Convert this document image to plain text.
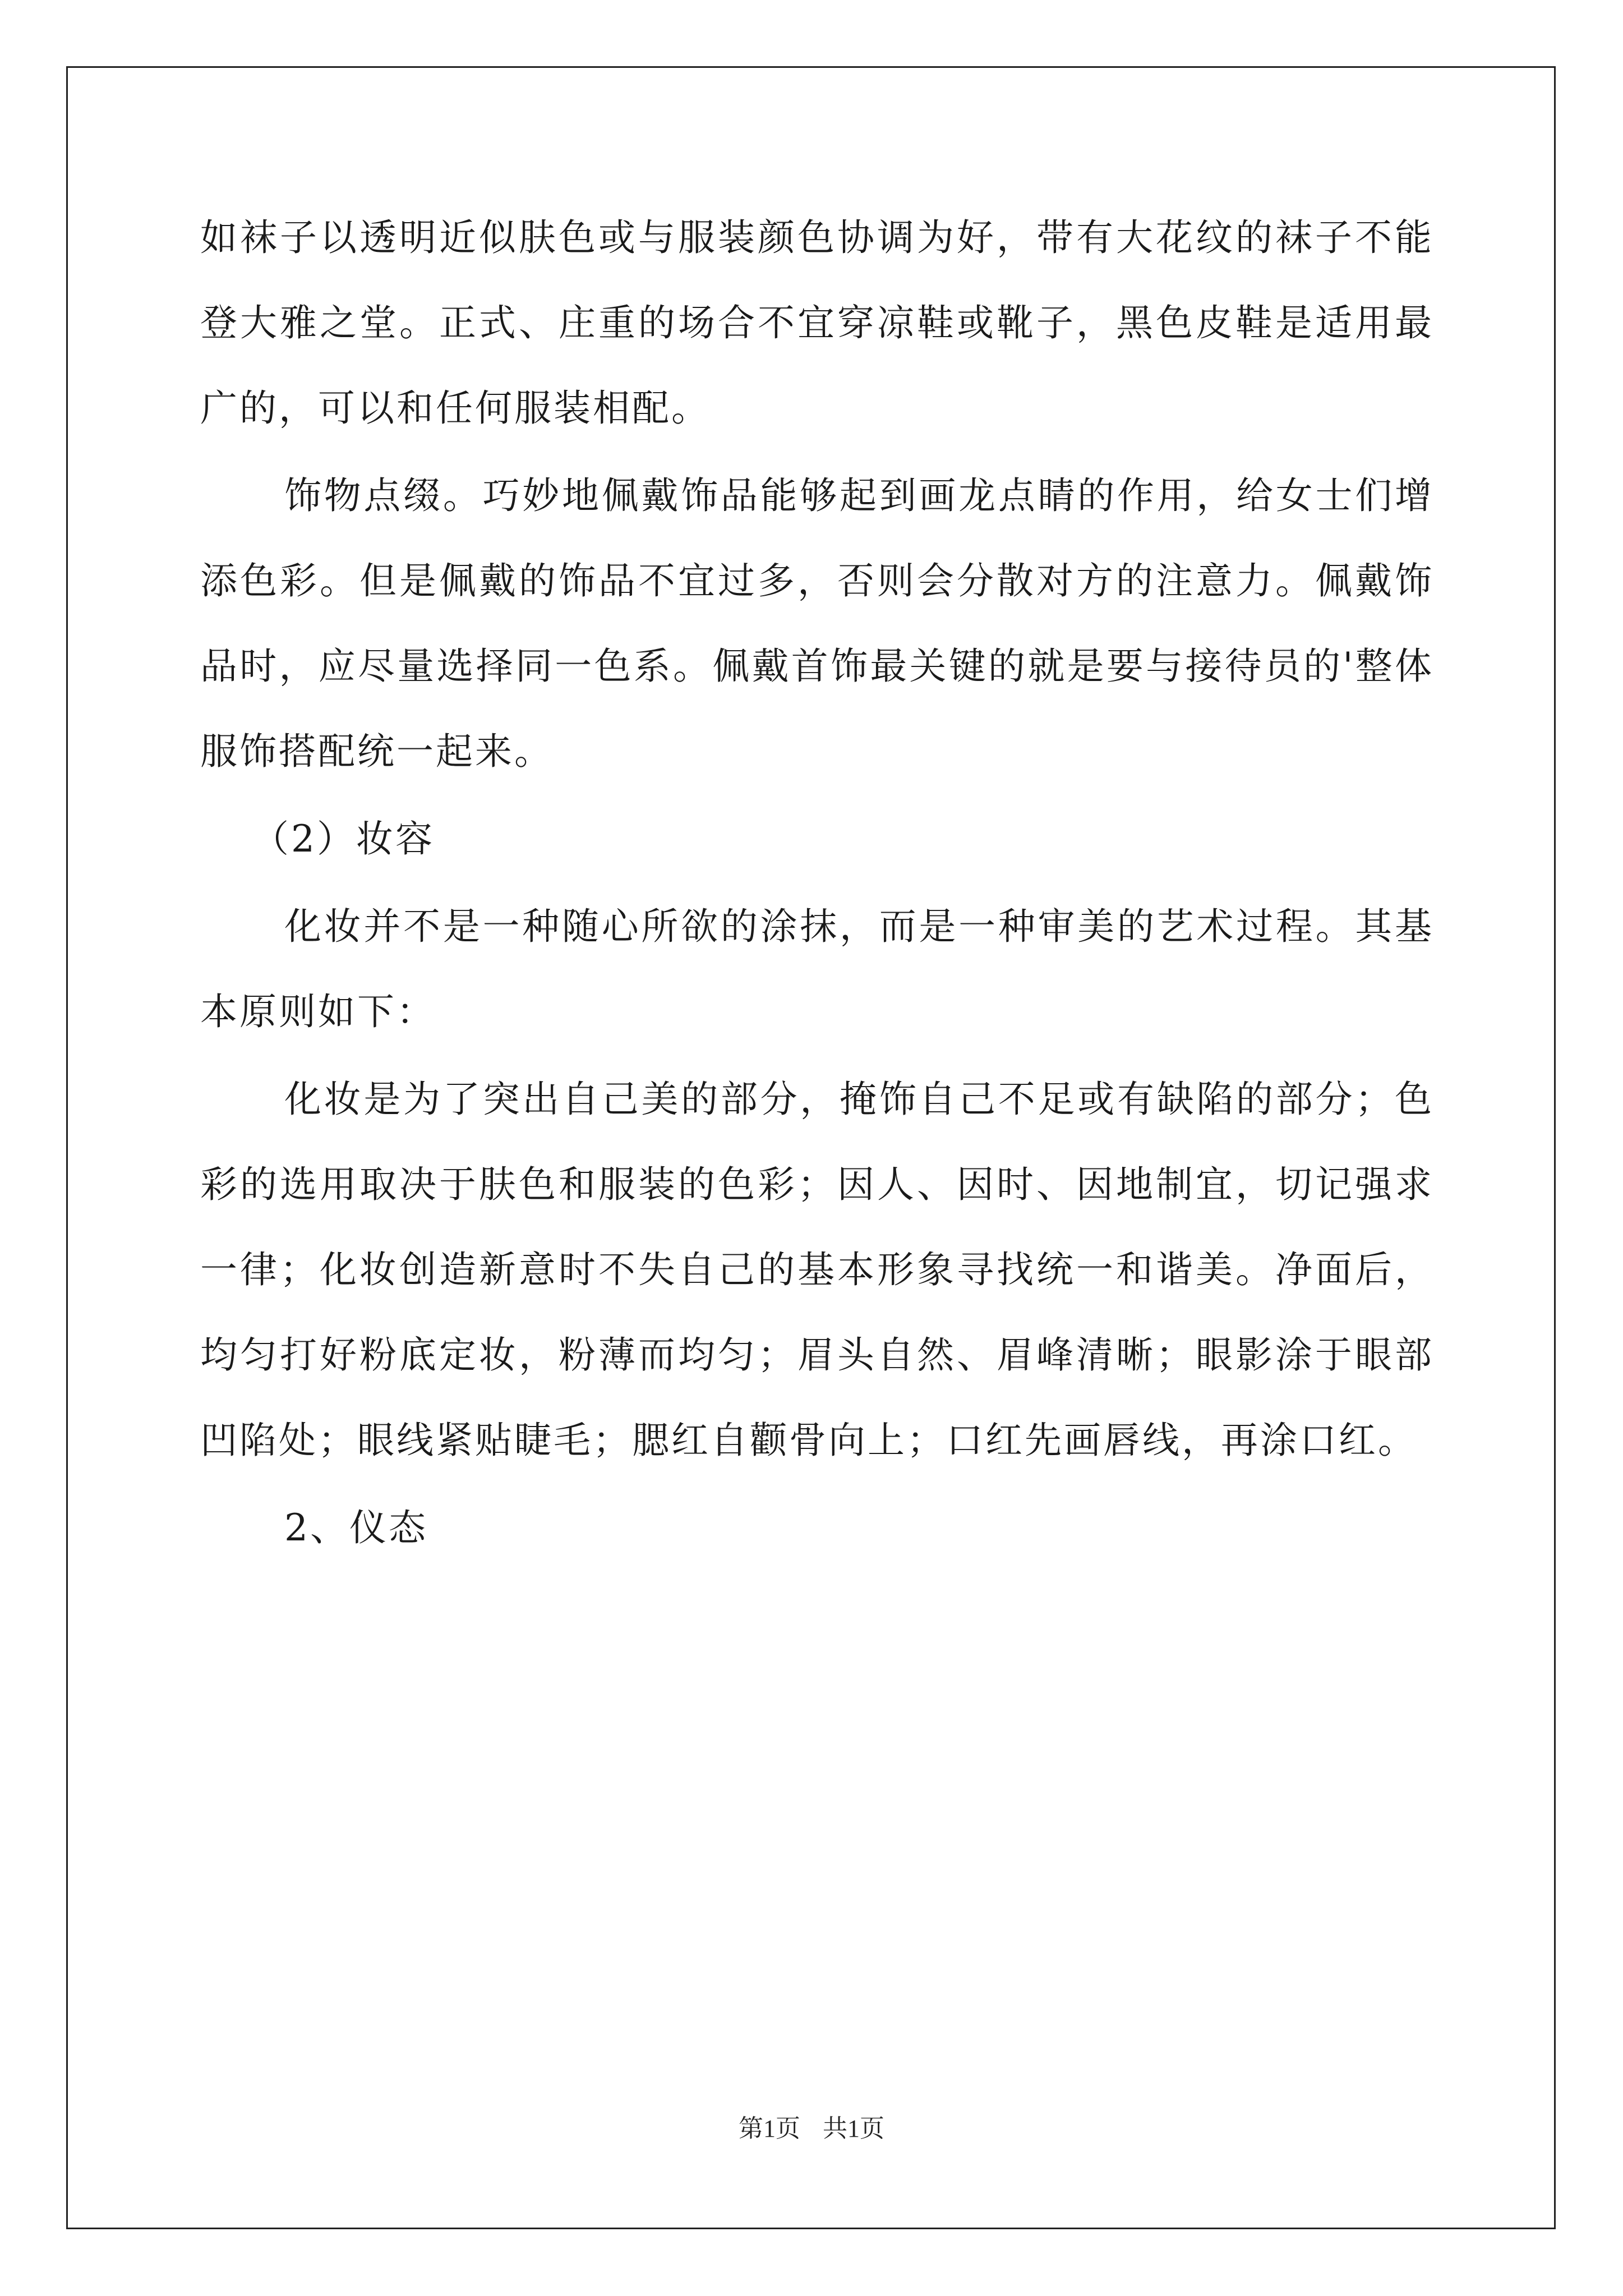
如袜子以透明近似肤色或与服装颜色协调为好，带有大花纹的袜子不能登大雅之堂。正式、庄重的场合不宜穿凉鞋或靴子，黑色皮鞋是适用最广的，可以和任何服装相配。

饰物点缀。巧妙地佩戴饰品能够起到画龙点睛的作用，给女士们增添色彩。但是佩戴的饰品不宜过多，否则会分散对方的注意力。佩戴饰品时，应尽量选择同一色系。佩戴首饰最关键的就是要与接待员的'整体服饰搭配统一起来。

（2）妆容

化妆并不是一种随心所欲的涂抹，而是一种审美的艺术过程。其基本原则如下：

化妆是为了突出自己美的部分，掩饰自己不足或有缺陷的部分；色彩的选用取决于肤色和服装的色彩；因人、因时、因地制宜，切记强求一律；化妆创造新意时不失自己的基本形象寻找统一和谐美。净面后，均匀打好粉底定妆，粉薄而均匀；眉头自然、眉峰清晰；眼影涂于眼部凹陷处；眼线紧贴睫毛；腮红自颧骨向上；口红先画唇线，再涂口红。

2、仪态

第1页 共1页
